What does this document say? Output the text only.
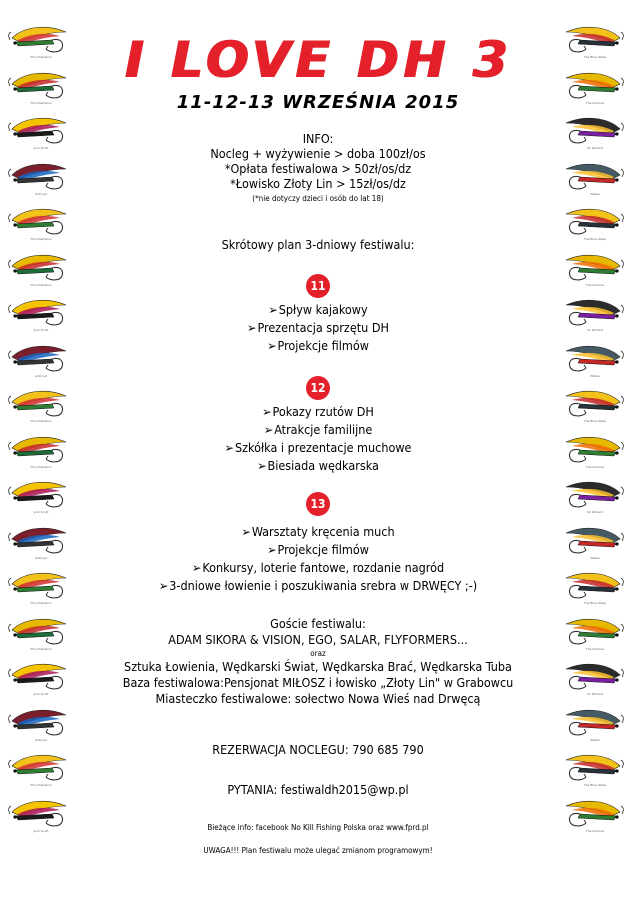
The Champion
The Champion
Jock Scott
Ackroyd
The Champion
The Champion
Jock Scott
Ackroyd
The Champion
The Champion
Jock Scott
Ackroyd
The Champion
The Champion
Jock Scott
Ackroyd
The Champion
Jock Scott
The Blue Wasp
The Dickens
Sir Richard
Wilkes
The Blue Wasp
The Dickens
Sir Richard
Wilkes
The Blue Wasp
The Dickens
Sir Richard
Wilkes
The Blue Wasp
The Dickens
Sir Richard
Wilkes
The Blue Wasp
The Dickens
I LOVE DH 3
11-12-13 WRZEŚNIA 2015
INFO:
Nocleg + wyżywienie > doba 100zł/os
*Opłata festiwalowa > 50zł/os/dz
*Łowisko Złoty Lin > 15zł/os/dz
(*nie dotyczy dzieci i osób do lat 18)
Skrótowy plan 3-dniowy festiwalu:
11
➢Spływ kajakowy
➢Prezentacja sprzętu DH
➢Projekcje filmów
12
➢Pokazy rzutów DH
➢Atrakcje familijne
➢Szkółka i prezentacje muchowe
➢Biesiada wędkarska
13
➢Warsztaty kręcenia much
➢Projekcje filmów
➢Konkursy, loterie fantowe, rozdanie nagród
➢3-dniowe łowienie i poszukiwania srebra w DRWĘCY ;-)
Goście festiwalu:
ADAM SIKORA & VISION, EGO, SALAR, FLYFORMERS...
oraz
Sztuka Łowienia, Wędkarski Świat, Wędkarska Brać, Wędkarska Tuba
Baza festiwalowa:Pensjonat MIŁOSZ i łowisko „Złoty Lin" w Grabowcu
Miasteczko festiwalowe: sołectwo Nowa Wieś nad Drwęcą
REZERWACJA NOCLEGU: 790 685 790
PYTANIA: festiwaldh2015@wp.pl
Bieżące info: facebook No Kill Fishing Polska oraz www.fprd.pl
UWAGA!!! Plan festiwalu może ulegać zmianom programowym!
